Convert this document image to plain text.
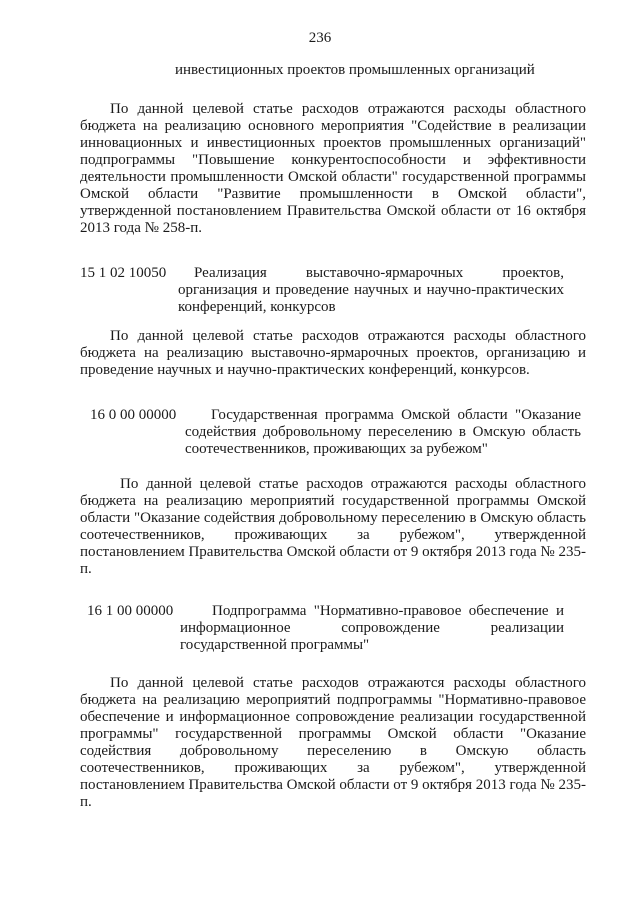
236
инвестиционных проектов промышленных организаций
По данной целевой статье расходов отражаются расходы областного бюджета на реализацию основного мероприятия "Содействие в реализации инновационных и инвестиционных проектов промышленных организаций" подпрограммы "Повышение конкурентоспособности и эффективности деятельности промышленности Омской области" государственной программы Омской области "Развитие промышленности в Омской области", утвержденной постановлением Правительства Омской области от 16 октября 2013 года № 258-п.
15 1 02 10050	Реализация выставочно-ярмарочных проектов, организация и проведение научных и научно-практических конференций, конкурсов
По данной целевой статье расходов отражаются расходы областного бюджета на реализацию выставочно-ярмарочных проектов, организацию и проведение научных и научно-практических конференций, конкурсов.
16 0 00 00000	Государственная программа Омской области "Оказание содействия добровольному переселению в Омскую область соотечественников, проживающих за рубежом"
По данной целевой статье расходов отражаются расходы областного бюджета на реализацию мероприятий государственной программы Омской области "Оказание содействия добровольному переселению в Омскую область соотечественников, проживающих за рубежом", утвержденной постановлением Правительства Омской области от 9 октября 2013 года № 235-п.
16 1 00 00000	Подпрограмма "Нормативно-правовое обеспечение и информационное сопровождение реализации государственной программы"
По данной целевой статье расходов отражаются расходы областного бюджета на реализацию мероприятий подпрограммы "Нормативно-правовое обеспечение и информационное сопровождение реализации государственной программы" государственной программы Омской области "Оказание содействия добровольному переселению в Омскую область соотечественников, проживающих за рубежом", утвержденной постановлением Правительства Омской области от 9 октября 2013 года № 235-п.
